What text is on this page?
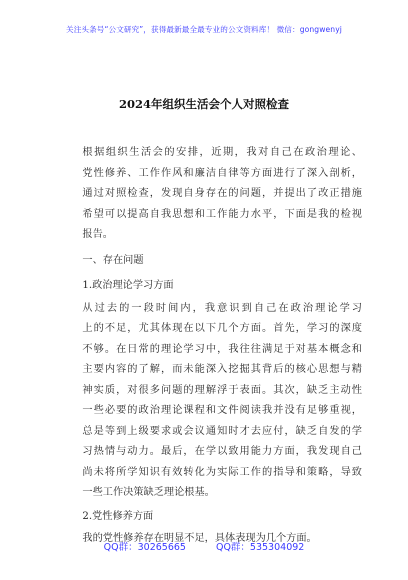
关注头条号“公文研究”，获得最新最全最专业的公文资料库！ 微信：gongwenyj
2024年组织生活会个人对照检查
根据组织生活会的安排，近期，我对自己在政治理论、
党性修养、工作作风和廉洁自律等方面进行了深入剖析，
通过对照检查，发现自身存在的问题，并提出了改正措施
希望可以提高自我思想和工作能力水平，下面是我的检视
报告。

一、存在问题

1.政治理论学习方面

从过去的一段时间内，我意识到自己在政治理论学习
上的不足，尤其体现在以下几个方面。首先，学习的深度
不够。在日常的理论学习中，我往往满足于对基本概念和
主要内容的了解，而未能深入挖掘其背后的核心思想与精
神实质，对很多问题的理解浮于表面。其次，缺乏主动性
一些必要的政治理论课程和文件阅读我并没有足够重视，
总是等到上级要求或会议通知时才去应付，缺乏自发的学
习热情与动力。最后，在学以致用能力方面，我发现自己
尚未将所学知识有效转化为实际工作的指导和策略，导致
一些工作决策缺乏理论根基。

2.党性修养方面

我的党性修养存在明显不足，具体表现为几个方面。
QQ群：30265665	QQ群：535304092
